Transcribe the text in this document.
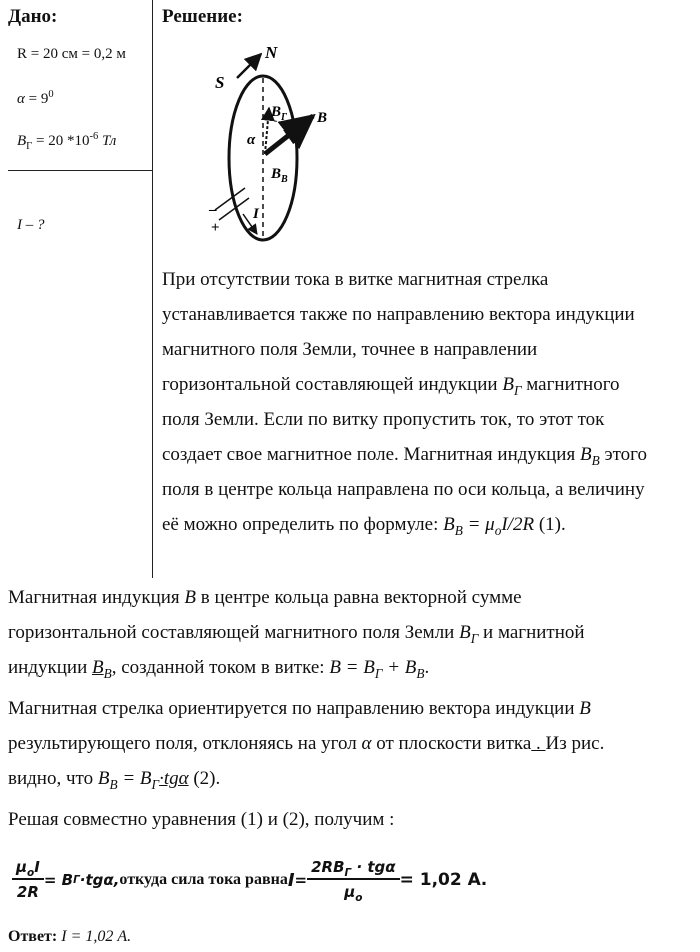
Дано:
R = 20 см = 0,2 м
$\alpha = 9^0$
$B_Г = 20$ $*10^{-6}$ Тл
I – ?
Решение:
S
N
$B_Г$ B
$B_B$
α
I
–
+

При отсутствии тока в витке магнитная стрелка

устанавливается также по направлению вектора индукции

магнитного поля Земли, точнее в направлении

горизонтальной составляющей индукции $B_Г$ магнитного

поля Земли. Если по витку пропустить ток, то этот ток

создает свое магнитное поле. Магнитная индукция $B_B$ этого

поля в центре кольца направлена по оси кольца, а величину

её можно определить по формуле: $B_B = \mu_oI/2R$ (1).

Магнитная индукция B в центре кольца равна векторной сумме

горизонтальной составляющей магнитного поля Земли $B_Г$ и магнитной

индукции $B_B$, созданной током в витке: $B = B_Г + B_B$.

Магнитная стрелка ориентируется по направлению вектора индукции B

результирующего поля, отклоняясь на угол α от плоскости витка . Из рис.

видно, что $B_B = B_Г\cdot tg\alpha$ (2).

Решая совместно уравнения (1) и (2), получим :

$\frac{\mu_oI}{2R} = B$ Г ·tgα, откуда сила тока равна $I = \frac{2RB_Г \cdot tg\alpha}{\mu_o} = 1,02$ А.
Ответ: I = 1,02 А.
